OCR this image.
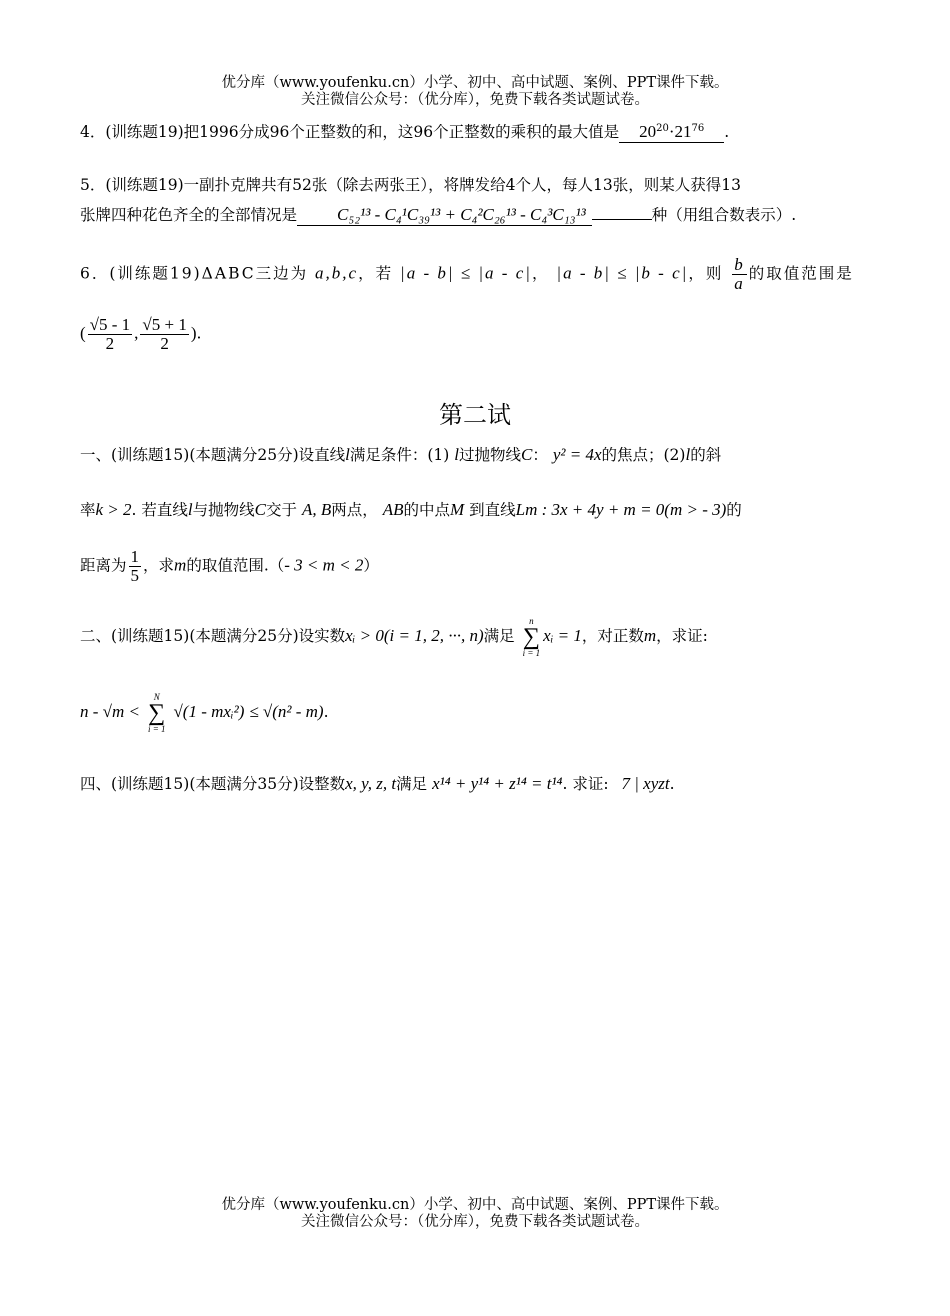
优分库（www.youfenku.cn）小学、初中、高中试题、案例、PPT课件下载。
关注微信公众号：（优分库），免费下载各类试题试卷。
4．(训练题19)把1996分成96个正整数的和，这96个正整数的乘积的最大值是 $20^{20}\cdot 21^{76}$ .
5．(训练题19)一副扑克牌共有52张（除去两张王），将牌发给4个人，每人13张，则某人获得13
张牌四种花色齐全的全部情况是 C₅₂¹³ - C₄¹C₃₉¹³ + C₄²C₂₆¹³ - C₄³C₁₃¹³	种（用组合数表示）.
6．(训练题19)ΔABC三边为 a,b,c，若 |a - b| ≤ |a - c|， |a - b| ≤ |b - c|，则 $\frac{b}{a}$ 的取值范围是
( $\frac{√5 - 1}{2}$ , $\frac{√5 + 1}{2}$ ).
第二试
一、(训练题15)(本题满分25分)设直线l满足条件：(1) l过抛物线C： y² = 4x的焦点；(2)l的斜
率k > 2. 若直线l与抛物线C交于 A, B两点， AB的中点M 到直线Lm : 3x + 4y + m = 0(m > - 3)的
距离为 $\frac{1}{5}$ ，求m的取值范围.（- 3 < m < 2）
二、(训练题15)(本题满分25分)设实数xᵢ > 0(i = 1, 2, ···, n)满足
n
∑
i = 1
xᵢ = 1，对正数m，求证:
n - √m <
N
∑
i = 1
√(1 - mxᵢ²) ≤ √(n² - m).
四、(训练题15)(本题满分35分)设整数x, y, z, t满足 x¹⁴ + y¹⁴ + z¹⁴ = t¹⁴. 求证: 7 | xyzt.
优分库（www.youfenku.cn）小学、初中、高中试题、案例、PPT课件下载。
关注微信公众号：（优分库），免费下载各类试题试卷。
